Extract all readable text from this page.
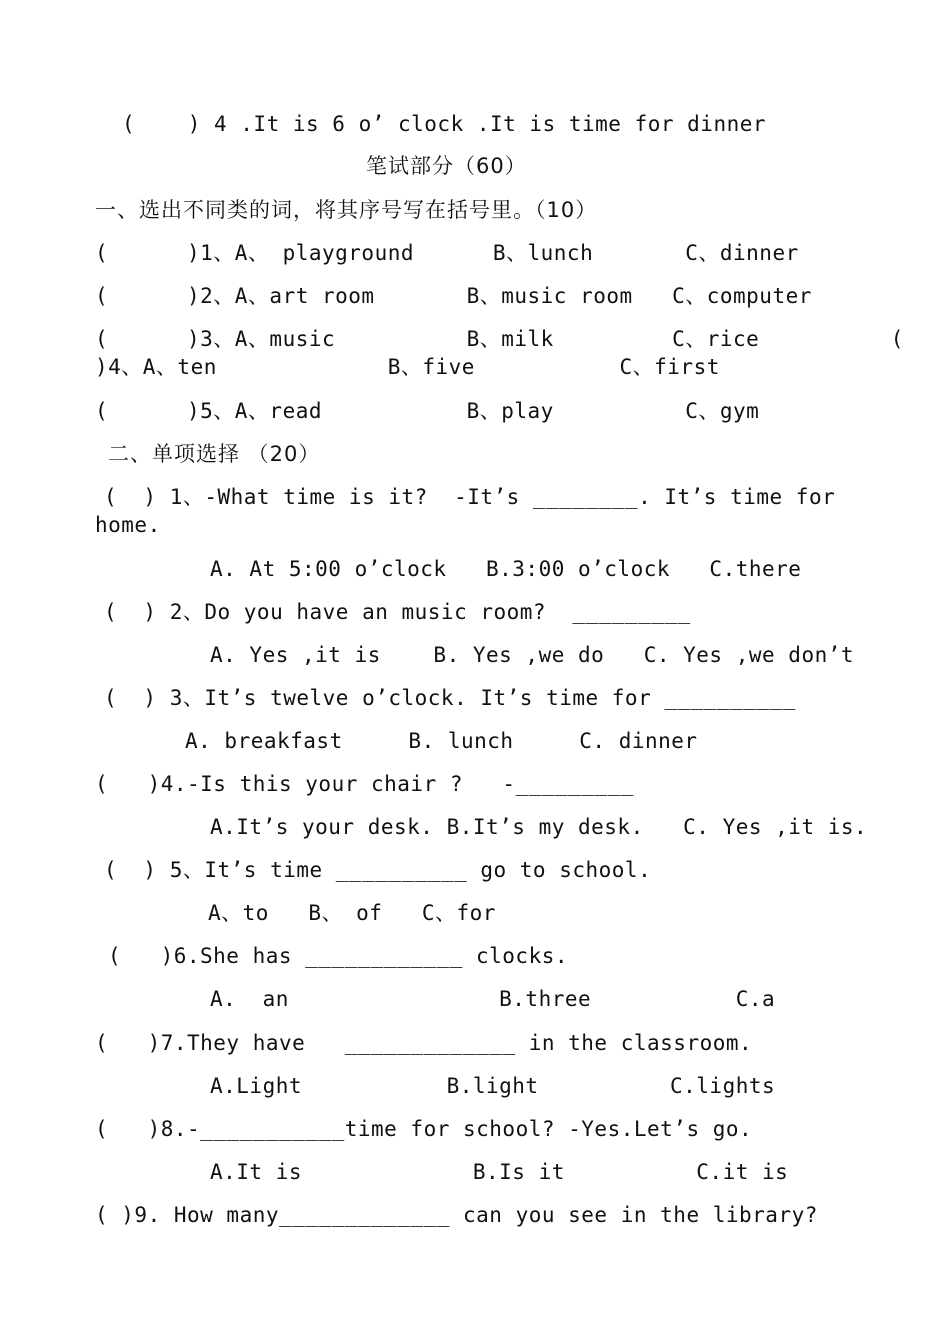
(    ) 4 .It is 6 o’ clock .It is time for dinner
笔试部分（60）
一、选出不同类的词，将其序号写在括号里。（10）
(      )1、A、 playground      B、lunch       C、dinner
(      )2、A、art room       B、music room   C、computer
(      )3、A、music          B、milk         C、rice          (
)4、A、ten             B、five           C、first
(      )5、A、read           B、play          C、gym
二、单项选择 （20）
(  ) 1、-What time is it?  -It’s ________. It’s time for
home.
A. At 5:00 o’clock   B.3:00 o’clock   C.there
(  ) 2、Do you have an music room?  _________
A. Yes ,it is    B. Yes ,we do   C. Yes ,we don’t
(  ) 3、It’s twelve o’clock. It’s time for __________
A. breakfast     B. lunch     C. dinner
(   )4.-Is this your chair ?   -_________
A.It’s your desk. B.It’s my desk.   C. Yes ,it is.
(  ) 5、It’s time __________ go to school.
A、to   B、 of   C、for
(   )6.She has ____________ clocks.
A.  an                B.three           C.a
(   )7.They have   _____________ in the classroom.
A.Light           B.light          C.lights
(   )8.-___________time for school? -Yes.Let’s go.
A.It is             B.Is it          C.it is
( )9. How many_____________ can you see in the library?
